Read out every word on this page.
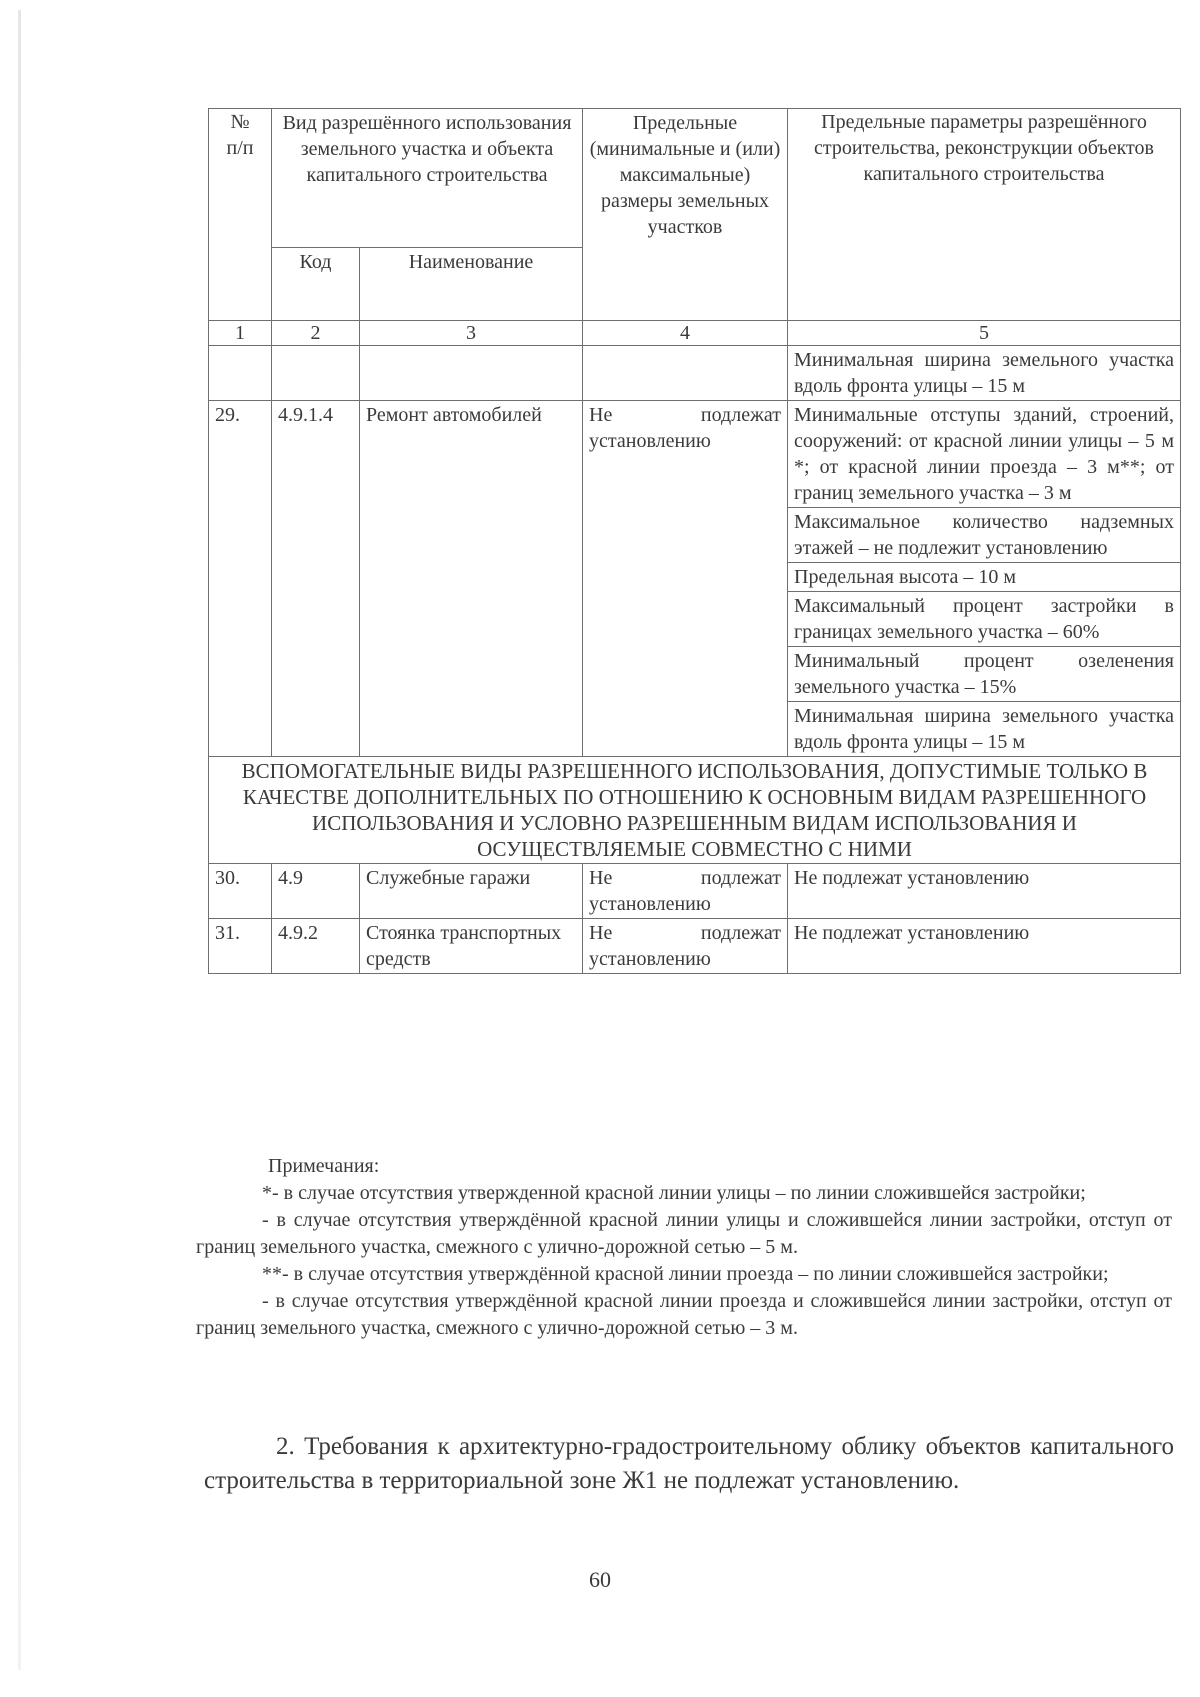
№ п/п	Вид разрешённого использования земельного участка и объекта капитального строительства		Предельные (минимальные и (или) максимальные) размеры земельных участков	Предельные параметры разрешённого строительства, реконструкции объектов капитального строительства
	Код	Наименование		
1	2	3	4	5
				Минимальная ширина земельного участка вдоль фронта улицы – 15 м
29.	4.9.1.4	Ремонт автомобилей	Не подлежат установлению	Минимальные отступы зданий, строений, сооружений: от красной линии улицы – 5 м *; от красной линии проезда – 3 м**; от границ земельного участка – 3 м
				Максимальное количество надземных этажей – не подлежит установлению
				Предельная высота – 10 м
				Максимальный процент застройки в границах земельного участка – 60%
				Минимальный процент озеленения земельного участка – 15%
				Минимальная ширина земельного участка вдоль фронта улицы – 15 м
ВСПОМОГАТЕЛЬНЫЕ ВИДЫ РАЗРЕШЕННОГО ИСПОЛЬЗОВАНИЯ, ДОПУСТИМЫЕ ТОЛЬКО В КАЧЕСТВЕ ДОПОЛНИТЕЛЬНЫХ ПО ОТНОШЕНИЮ К ОСНОВНЫМ ВИДАМ РАЗРЕШЕННОГО ИСПОЛЬЗОВАНИЯ И УСЛОВНО РАЗРЕШЕННЫМ ВИДАМ ИСПОЛЬЗОВАНИЯ И ОСУЩЕСТВЛЯЕМЫЕ СОВМЕСТНО С НИМИ				
30.	4.9	Служебные гаражи	Не подлежат установлению	Не подлежат установлению
31.	4.9.2	Стоянка транспортных средств	Не подлежат установлению	Не подлежат установлению

Примечания:

*- в случае отсутствия утвержденной красной линии улицы – по линии сложившейся застройки;

- в случае отсутствия утверждённой красной линии улицы и сложившейся линии застройки, отступ от границ земельного участка, смежного с улично-дорожной сетью – 5 м.

**- в случае отсутствия утверждённой красной линии проезда – по линии сложившейся застройки;

- в случае отсутствия утверждённой красной линии проезда и сложившейся линии застройки, отступ от границ земельного участка, смежного с улично-дорожной сетью – 3 м.

2. Требования к архитектурно-градостроительному облику объектов капитального строительства в территориальной зоне Ж1 не подлежат установлению.
60
